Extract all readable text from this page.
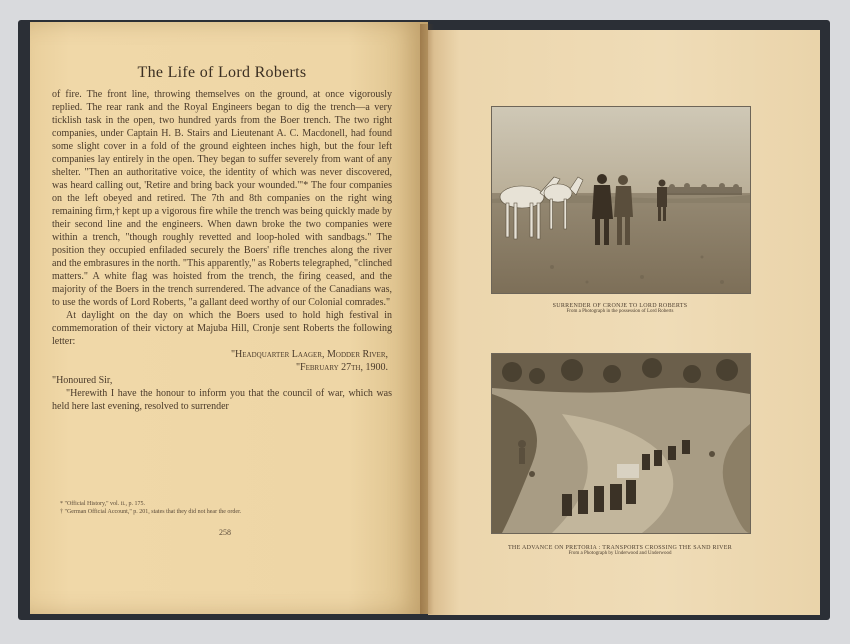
The Life of Lord Roberts

of fire. The front line, throwing themselves on the ground, at once vigorously replied. The rear rank and the Royal Engineers began to dig the trench—a very ticklish task in the open, two hundred yards from the Boer trench. The two right companies, under Captain H. B. Stairs and Lieutenant A. C. Macdonell, had found some slight cover in a fold of the ground eighteen inches high, but the four left companies lay entirely in the open. They began to suffer severely from want of any shelter. "Then an authoritative voice, the identity of which was never discovered, was heard calling out, 'Retire and bring back your wounded.'"* The four companies on the left obeyed and retired. The 7th and 8th companies on the right wing remaining firm,† kept up a vigorous fire while the trench was being quickly made by their second line and the engineers. When dawn broke the two companies were within a trench, "though roughly revetted and loop-holed with sandbags." The position they occupied enfiladed securely the Boers' rifle trenches along the river and the embrasures in the north. "This apparently," as Roberts telegraphed, "clinched matters." A white flag was hoisted from the trench, the firing ceased, and the majority of the Boers in the trench surrendered. The advance of the Canadians was, to use the words of Lord Roberts, "a gallant deed worthy of our Colonial comrades."

At daylight on the day on which the Boers used to hold high festival in commemoration of their victory at Majuba Hill, Cronje sent Roberts the following letter:

"Headquarter Laager, Modder River,

"February 27th, 1900.

"Honoured Sir,

"Herewith I have the honour to inform you that the council of war, which was held here last evening, resolved to surrender

* "Official History," vol. ii., p. 175.
† "German Official Account," p. 201, states that they did not hear the order.
258
SURRENDER OF CRONJE TO LORD ROBERTS
From a Photograph in the possession of Lord Roberts
THE ADVANCE ON PRETORIA : TRANSPORTS CROSSING THE SAND RIVER
From a Photograph by Underwood and Underwood
